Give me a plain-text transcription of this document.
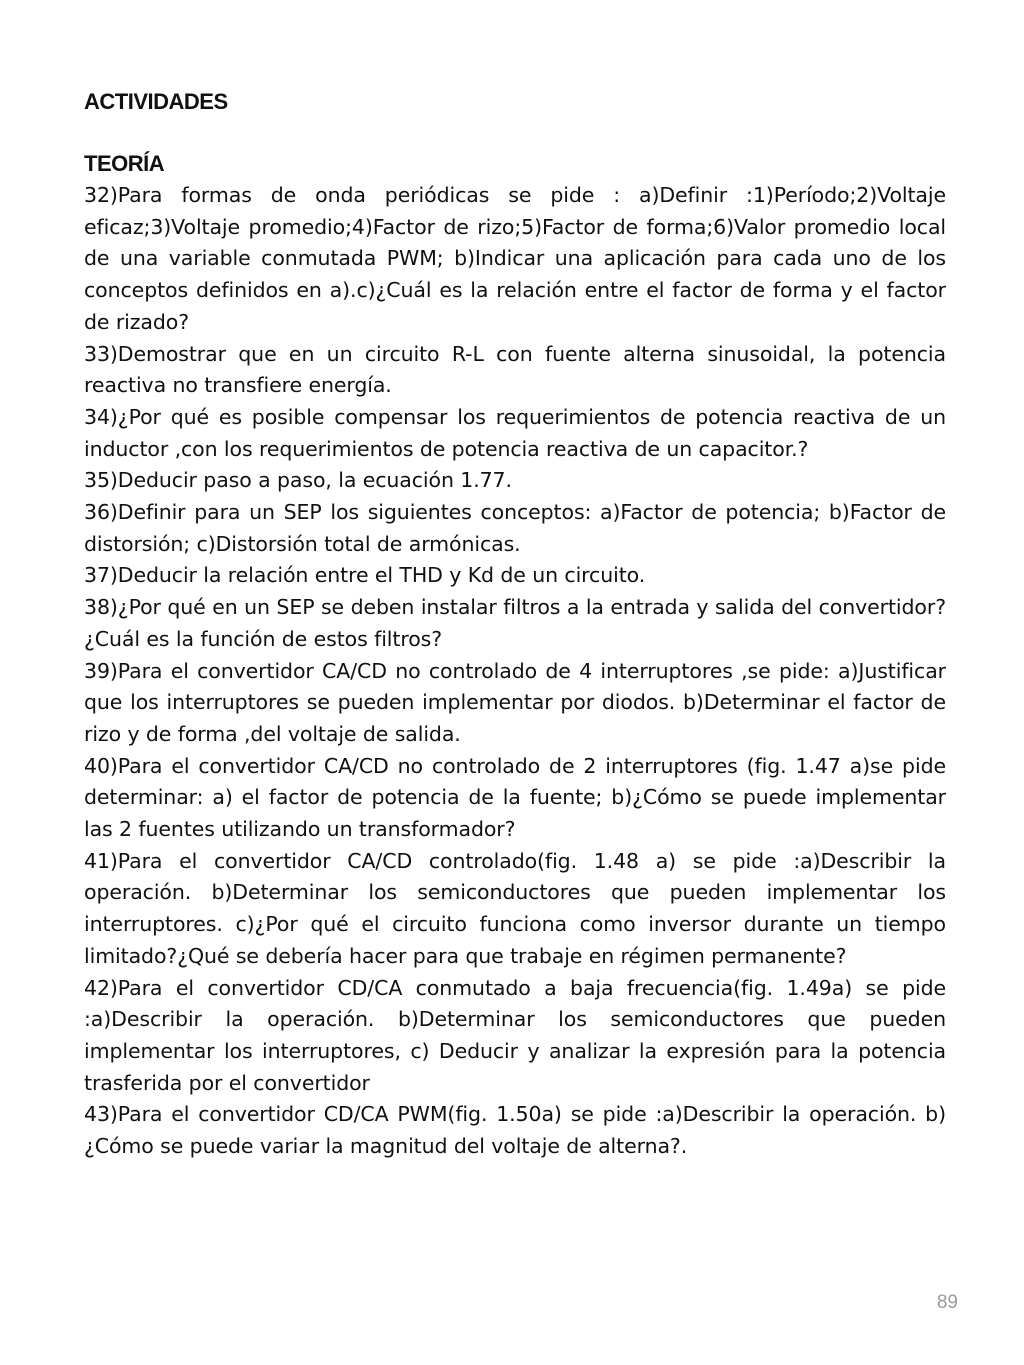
ACTIVIDADES
TEORÍA

32)Para formas de onda periódicas se pide : a)Definir :1)Período;2)Voltaje eficaz;3)Voltaje promedio;4)Factor de rizo;5)Factor de forma;6)Valor promedio local de una variable conmutada PWM; b)Indicar una aplicación para cada uno de los conceptos definidos en a).c)¿Cuál es la relación entre el factor de forma y el factor de rizado?

33)Demostrar que en un circuito R-L con fuente alterna sinusoidal, la potencia reactiva no transfiere energía.

34)¿Por qué es posible compensar los requerimientos de potencia reactiva de un inductor ,con los requerimientos de potencia reactiva de un capacitor.?

35)Deducir paso a paso, la ecuación 1.77.

36)Definir para un SEP los siguientes conceptos: a)Factor de potencia; b)Factor de distorsión; c)Distorsión total de armónicas.

37)Deducir la relación entre el THD y Kd de un circuito.

38)¿Por qué en un SEP se deben instalar filtros a la entrada y salida del convertidor?¿Cuál es la función de estos filtros?

39)Para el convertidor CA/CD no controlado de 4 interruptores ,se pide: a)Justificar que los interruptores se pueden implementar por diodos. b)Determinar el factor de rizo y de forma ,del voltaje de salida.

40)Para el convertidor CA/CD no controlado de 2 interruptores (fig. 1.47 a)se pide determinar: a) el factor de potencia de la fuente; b)¿Cómo se puede implementar las 2 fuentes utilizando un transformador?

41)Para el convertidor CA/CD controlado(fig. 1.48 a) se pide :a)Describir la operación. b)Determinar los semiconductores que pueden implementar los interruptores. c)¿Por qué el circuito funciona como inversor durante un tiempo limitado?¿Qué se debería hacer para que trabaje en régimen permanente?

42)Para el convertidor CD/CA conmutado a baja frecuencia(fig. 1.49a) se pide :a)Describir la operación. b)Determinar los semiconductores que pueden implementar los interruptores, c) Deducir y analizar la expresión para la potencia trasferida por el convertidor

43)Para el convertidor CD/CA PWM(fig. 1.50a) se pide :a)Describir la operación. b)¿Cómo se puede variar la magnitud del voltaje de alterna?.

89
